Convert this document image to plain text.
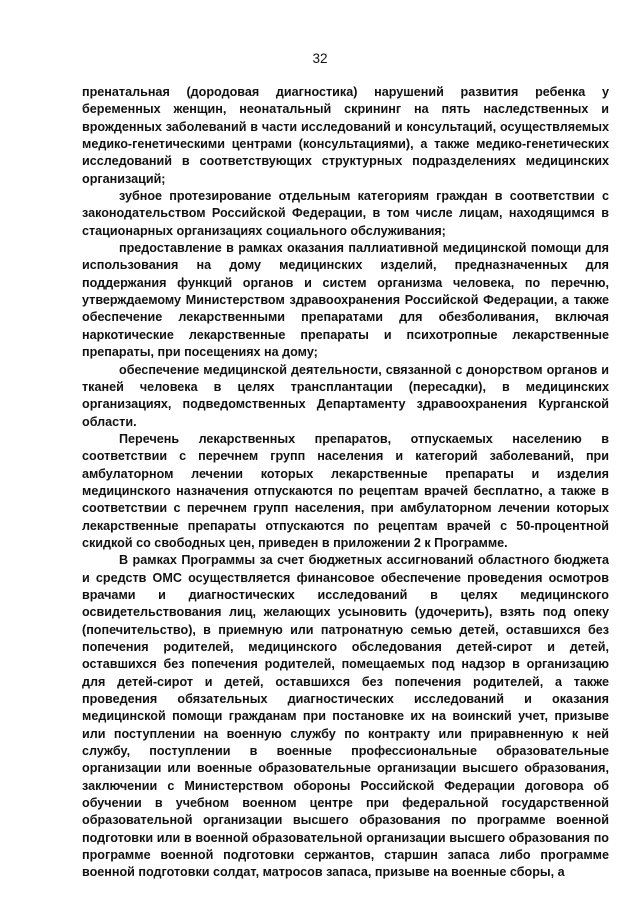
32

пренатальная (дородовая диагностика) нарушений развития ребенка у беременных женщин, неонатальный скрининг на пять наследственных и врожденных заболеваний в части исследований и консультаций, осуществляемых медико-генетическими центрами (консультациями), а также медико-генетических исследований в соответствующих структурных подразделениях медицинских организаций;

зубное протезирование отдельным категориям граждан в соответствии с законодательством Российской Федерации, в том числе лицам, находящимся в стационарных организациях социального обслуживания;

предоставление в рамках оказания паллиативной медицинской помощи для использования на дому медицинских изделий, предназначенных для поддержания функций органов и систем организма человека, по перечню, утверждаемому Министерством здравоохранения Российской Федерации, а также обеспечение лекарственными препаратами для обезболивания, включая наркотические лекарственные препараты и психотропные лекарственные препараты, при посещениях на дому;

обеспечение медицинской деятельности, связанной с донорством органов и тканей человека в целях трансплантации (пересадки), в медицинских организациях, подведомственных Департаменту здравоохранения Курганской области.

Перечень лекарственных препаратов, отпускаемых населению в соответствии с перечнем групп населения и категорий заболеваний, при амбулаторном лечении которых лекарственные препараты и изделия медицинского назначения отпускаются по рецептам врачей бесплатно, а также в соответствии с перечнем групп населения, при амбулаторном лечении которых лекарственные препараты отпускаются по рецептам врачей с 50-процентной скидкой со свободных цен, приведен в приложении 2 к Программе.

В рамках Программы за счет бюджетных ассигнований областного бюджета и средств ОМС осуществляется финансовое обеспечение проведения осмотров врачами и диагностических исследований в целях медицинского освидетельствования лиц, желающих усыновить (удочерить), взять под опеку (попечительство), в приемную или патронатную семью детей, оставшихся без попечения родителей, медицинского обследования детей-сирот и детей, оставшихся без попечения родителей, помещаемых под надзор в организацию для детей-сирот и детей, оставшихся без попечения родителей, а также проведения обязательных диагностических исследований и оказания медицинской помощи гражданам при постановке их на воинский учет, призыве или поступлении на военную службу по контракту или приравненную к ней службу, поступлении в военные профессиональные образовательные организации или военные образовательные организации высшего образования, заключении с Министерством обороны Российской Федерации договора об обучении в учебном военном центре при федеральной государственной образовательной организации высшего образования по программе военной подготовки или в военной образовательной организации высшего образования по программе военной подготовки сержантов, старшин запаса либо программе военной подготовки солдат, матросов запаса, призыве на военные сборы, а
